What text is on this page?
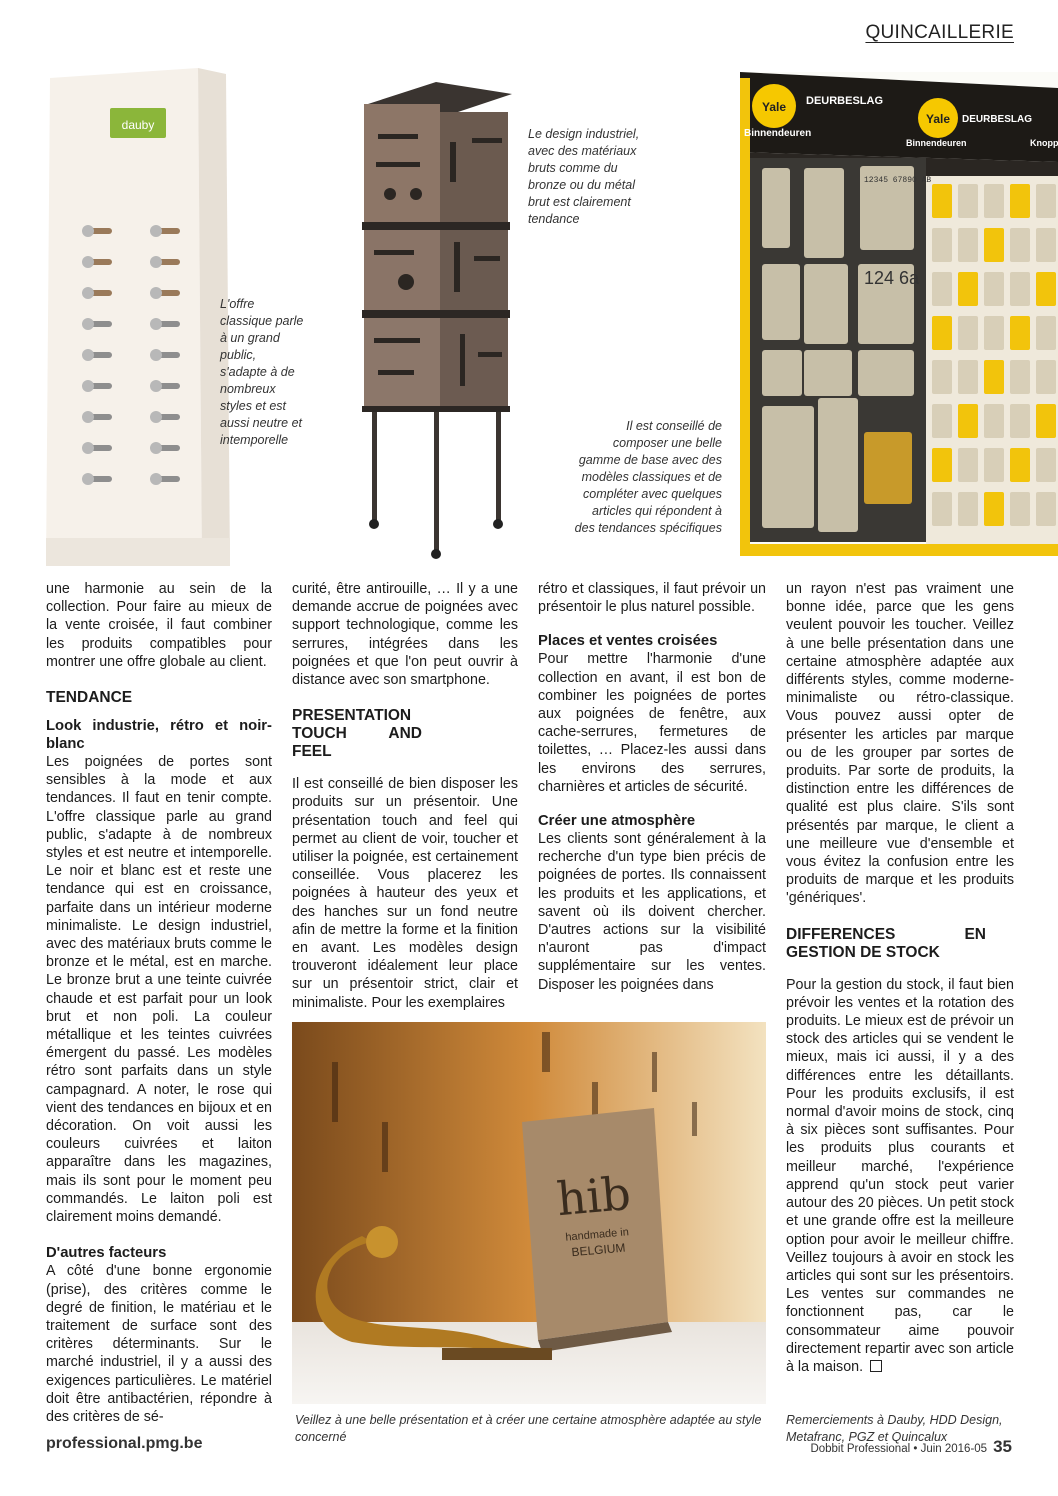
QUINCAILLERIE
dauby
L'offre classique parle à un grand public, s'adapte à de nombreux styles et est aussi neutre et intemporelle
Le design industriel, avec des matériaux bruts comme du bronze ou du métal brut est clairement tendance
Yale
Yale
DEURBESLAG
Binnendeuren
DEURBESLAG
Binnendeuren	Knopp
12345 67890 AB
124 6a
Il est conseillé de composer une belle gamme de base avec des modèles classiques et de compléter avec quelques articles qui répondent à des tendances spécifiques

une harmonie au sein de la collection. Pour faire au mieux de la vente croisée, il faut combiner les produits compatibles pour montrer une offre globale au client.

TENDANCE
Look industrie, rétro et noir-blanc

Les poignées de portes sont sensibles à la mode et aux tendances. Il faut en tenir compte. L'offre classique parle au grand public, s'adapte à de nombreux styles et est neutre et intemporelle. Le noir et blanc est et reste une tendance qui est en croissance, parfaite dans un intérieur moderne minimaliste. Le design industriel, avec des matériaux bruts comme le bronze et le métal, est en marche. Le bronze brut a une teinte cuivrée chaude et est parfait pour un look brut et non poli. La couleur métallique et les teintes cuivrées émergent du passé. Les modèles rétro sont parfaits dans un style campagnard. A noter, le rose qui vient des tendances en bijoux et en décoration. On voit aussi les couleurs cuivrées et laiton apparaître dans les magazines, mais ils sont pour le moment peu commandés. Le laiton poli est clairement moins demandé.

D'autres facteurs

A côté d'une bonne ergonomie (prise), des critères comme le degré de finition, le matériau et le traitement de surface sont des critères déterminants. Sur le marché industriel, il y a aussi des exigences particulières. Le matériel doit être antibactérien, répondre à des critères de sé-

curité, être antirouille, … Il y a une demande accrue de poignées avec support technologique, comme les serrures, intégrées dans les poignées et que l'on peut ouvrir à distance avec son smartphone.

PRESENTATION TOUCH AND FEEL

Il est conseillé de bien disposer les produits sur un présentoir. Une présentation touch and feel qui permet au client de voir, toucher et utiliser la poignée, est certainement conseillée. Vous placerez les poignées à hauteur des yeux et des hanches sur un fond neutre afin de mettre la forme et la finition en avant. Les modèles design trouveront idéalement leur place sur un présentoir strict, clair et minimaliste. Pour les exemplaires

rétro et classiques, il faut prévoir un présentoir le plus naturel possible.

Places et ventes croisées

Pour mettre l'harmonie d'une collection en avant, il est bon de combiner les poignées de portes aux poignées de fenêtre, aux cache-serrures, fermetures de toilettes, … Placez-les aussi dans les environs des serrures, charnières et articles de sécurité.

Créer une atmosphère

Les clients sont généralement à la recherche d'un type bien précis de poignées de portes. Ils connaissent les produits et les applications, et savent où ils doivent chercher. D'autres actions sur la visibilité n'auront pas d'impact supplémentaire sur les ventes. Disposer les poignées dans

un rayon n'est pas vraiment une bonne idée, parce que les gens veulent pouvoir les toucher. Veillez à une belle présentation dans une certaine atmosphère adaptée aux différents styles, comme moderne-minimaliste ou rétro-classique. Vous pouvez aussi opter de présenter les articles par marque ou de les grouper par sortes de produits. Par sorte de produits, la distinction entre les différences de qualité est plus claire. S'ils sont présentés par marque, le client a une meilleure vue d'ensemble et vous évitez la confusion entre les produits de marque et les produits 'génériques'.

DIFFERENCES EN GESTION DE STOCK

Pour la gestion du stock, il faut bien prévoir les ventes et la rotation des produits. Le mieux est de prévoir un stock des articles qui se vendent le mieux, mais ici aussi, il y a des différences entre les détaillants. Pour les produits exclusifs, il est normal d'avoir moins de stock, cinq à six pièces sont suffisantes. Pour les produits plus courants et meilleur marché, l'expérience apprend qu'un stock peut varier autour des 20 pièces. Un petit stock et une grande offre est la meilleure option pour avoir le meilleur chiffre. Veillez toujours à avoir en stock les articles qui sont sur les présentoirs. Les ventes sur commandes ne fonctionnent pas, car le consommateur aime pouvoir directement repartir avec son article à la maison.

hib
handmade in
BELGIUM
Veillez à une belle présentation et à créer une certaine atmosphère adaptée au style concerné
Remerciements à Dauby, HDD Design, Metafranc, PGZ et Quincalux
professional.pmg.be	Dobbit Professional • Juin 2016-05 35
